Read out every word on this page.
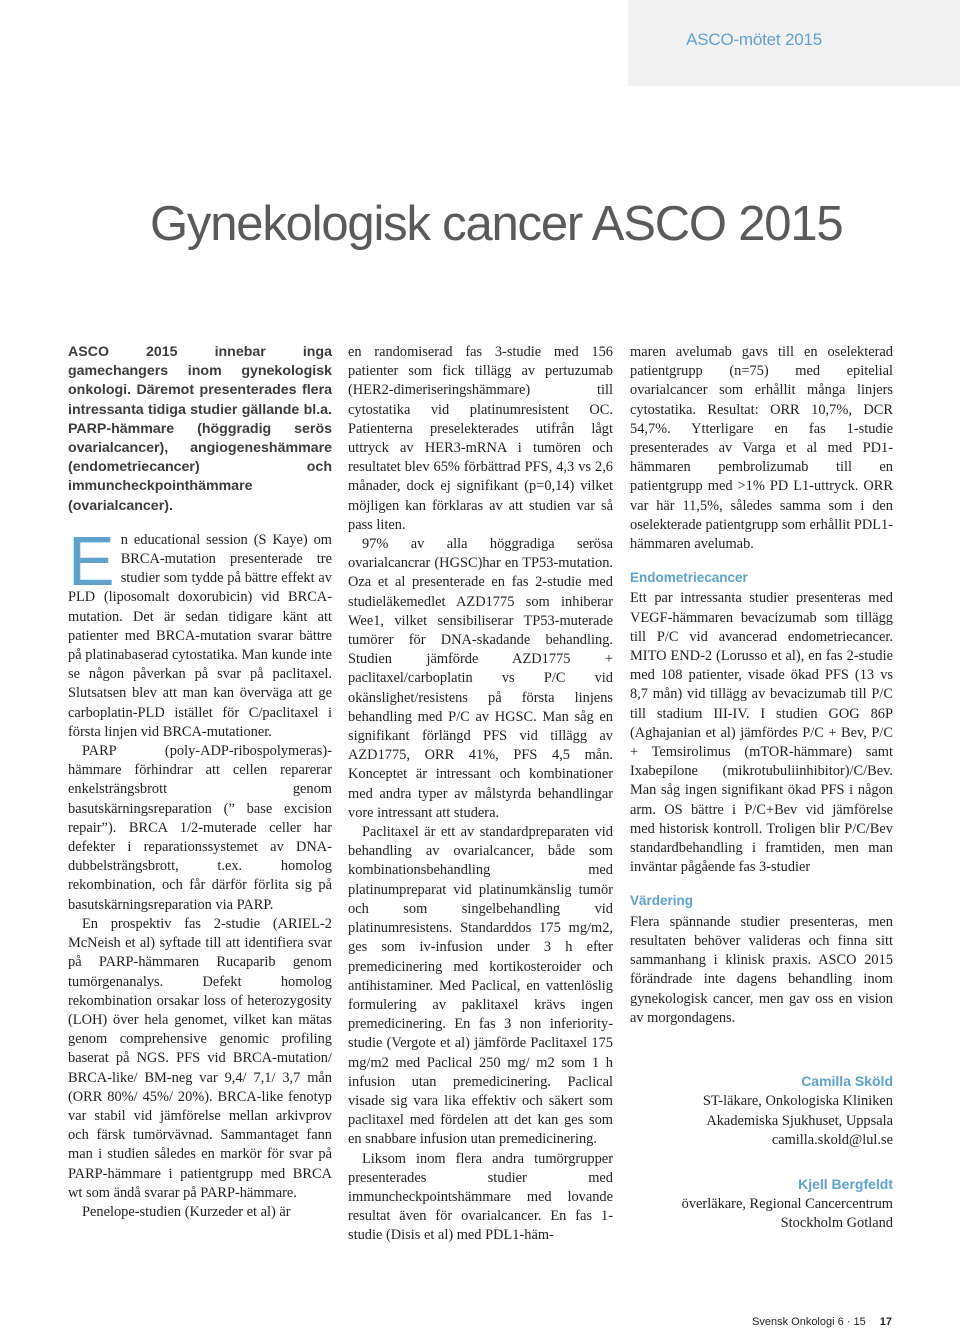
ASCO-mötet 2015
Gynekologisk cancer ASCO 2015

ASCO 2015 innebar inga gamechangers inom gynekologisk onkologi. Däremot presenterades flera intressanta tidiga studier gällande bl.a. PARP-hämmare (höggradig serös ovarialcancer), angiogeneshämmare (endometriecancer) och immuncheckpointhämmare (ovarialcancer).

En educational session (S Kaye) om BRCA-mutation presenterade tre studier som tydde på bättre effekt av PLD (liposomalt doxorubicin) vid BRCA-mutation. Det är sedan tidigare känt att patienter med BRCA-mutation svarar bättre på platinabaserad cytostatika. Man kunde inte se någon påverkan på svar på paclitaxel. Slutsatsen blev att man kan överväga att ge carboplatin-PLD istället för C/paclitaxel i första linjen vid BRCA-mutationer.

PARP (poly-ADP-ribospolymeras)-hämmare förhindrar att cellen reparerar enkelsträngsbrott genom basutskärningsreparation (” base excision repair”). BRCA 1/2-muterade celler har defekter i reparationssystemet av DNA-dubbelsträngsbrott, t.ex. homolog rekombination, och får därför förlita sig på basutskärningsreparation via PARP.

En prospektiv fas 2-studie (ARIEL-2 McNeish et al) syftade till att identifiera svar på PARP-hämmaren Rucaparib genom tumörgenanalys. Defekt homolog rekombination orsakar loss of heterozygosity (LOH) över hela genomet, vilket kan mätas genom comprehensive genomic profiling baserat på NGS. PFS vid BRCA-mutation/ BRCA-like/ BM-neg var 9,4/ 7,1/ 3,7 mån (ORR 80%/ 45%/ 20%). BRCA-like fenotyp var stabil vid jämförelse mellan arkivprov och färsk tumörvävnad. Sammantaget fann man i studien således en markör för svar på PARP-hämmare i patientgrupp med BRCA wt som ändå svarar på PARP-hämmare.

Penelope-studien (Kurzeder et al) är

en randomiserad fas 3-studie med 156 patienter som fick tillägg av pertuzumab (HER2-dimeriseringshämmare) till cytostatika vid platinumresistent OC. Patienterna preselekterades utifrån lågt uttryck av HER3-mRNA i tumören och resultatet blev 65% förbättrad PFS, 4,3 vs 2,6 månader, dock ej signifikant (p=0,14) vilket möjligen kan förklaras av att studien var så pass liten.

97% av alla höggradiga serösa ovarialcancrar (HGSC)har en TP53-mutation. Oza et al presenterade en fas 2-studie med studieläkemedlet AZD1775 som inhiberar Wee1, vilket sensibiliserar TP53-muterade tumörer för DNA-skadande behandling. Studien jämförde AZD1775 + paclitaxel/carboplatin vs P/C vid okänslighet/resistens på första linjens behandling med P/C av HGSC. Man såg en signifikant förlängd PFS vid tillägg av AZD1775, ORR 41%, PFS 4,5 mån. Konceptet är intressant och kombinationer med andra typer av målstyrda behandlingar vore intressant att studera.

Paclitaxel är ett av standardpreparaten vid behandling av ovarialcancer, både som kombinationsbehandling med platinumpreparat vid platinumkänslig tumör och som singelbehandling vid platinumresistens. Standarddos 175 mg/m2, ges som iv-infusion under 3 h efter premedicinering med kortikosteroider och antihistaminer. Med Paclical, en vattenlöslig formulering av paklitaxel krävs ingen premedicinering. En fas 3 non inferiority-studie (Vergote et al) jämförde Paclitaxel 175 mg/m2 med Paclical 250 mg/ m2 som 1 h infusion utan premedicinering. Paclical visade sig vara lika effektiv och säkert som paclitaxel med fördelen att det kan ges som en snabbare infusion utan premedicinering.

Liksom inom flera andra tumörgrupper presenterades studier med immuncheckpointshämmare med lovande resultat även för ovarialcancer. En fas 1- studie (Disis et al) med PDL1-häm-

maren avelumab gavs till en oselekterad patientgrupp (n=75) med epitelial ovarialcancer som erhållit många linjers cytostatika. Resultat: ORR 10,7%, DCR 54,7%. Ytterligare en fas 1-studie presenterades av Varga et al med PD1-hämmaren pembrolizumab till en patientgrupp med >1% PD L1-uttryck. ORR var här 11,5%, således samma som i den oselekterade patientgrupp som erhållit PDL1-hämmaren avelumab.

Endometriecancer

Ett par intressanta studier presenteras med VEGF-hämmaren bevacizumab som tillägg till P/C vid avancerad endometriecancer. MITO END-2 (Lorusso et al), en fas 2-studie med 108 patienter, visade ökad PFS (13 vs 8,7 mån) vid tillägg av bevacizumab till P/C till stadium III-IV. I studien GOG 86P (Aghajanian et al) jämfördes P/C + Bev, P/C + Temsirolimus (mTOR-hämmare) samt Ixabepilone (mikrotubuliinhibitor)/C/Bev. Man såg ingen signifikant ökad PFS i någon arm. OS bättre i P/C+Bev vid jämförelse med historisk kontroll. Troligen blir P/C/Bev standardbehandling i framtiden, men man inväntar pågående fas 3-studier

Värdering

Flera spännande studier presenteras, men resultaten behöver valideras och finna sitt sammanhang i klinisk praxis. ASCO 2015 förändrade inte dagens behandling inom gynekologisk cancer, men gav oss en vision av morgondagens.

Camilla Sköld

ST-läkare, Onkologiska Kliniken

Akademiska Sjukhuset, Uppsala

camilla.skold@lul.se

Kjell Bergfeldt

överläkare, Regional Cancercentrum

Stockholm Gotland

Svensk Onkologi 6 · 15 17
